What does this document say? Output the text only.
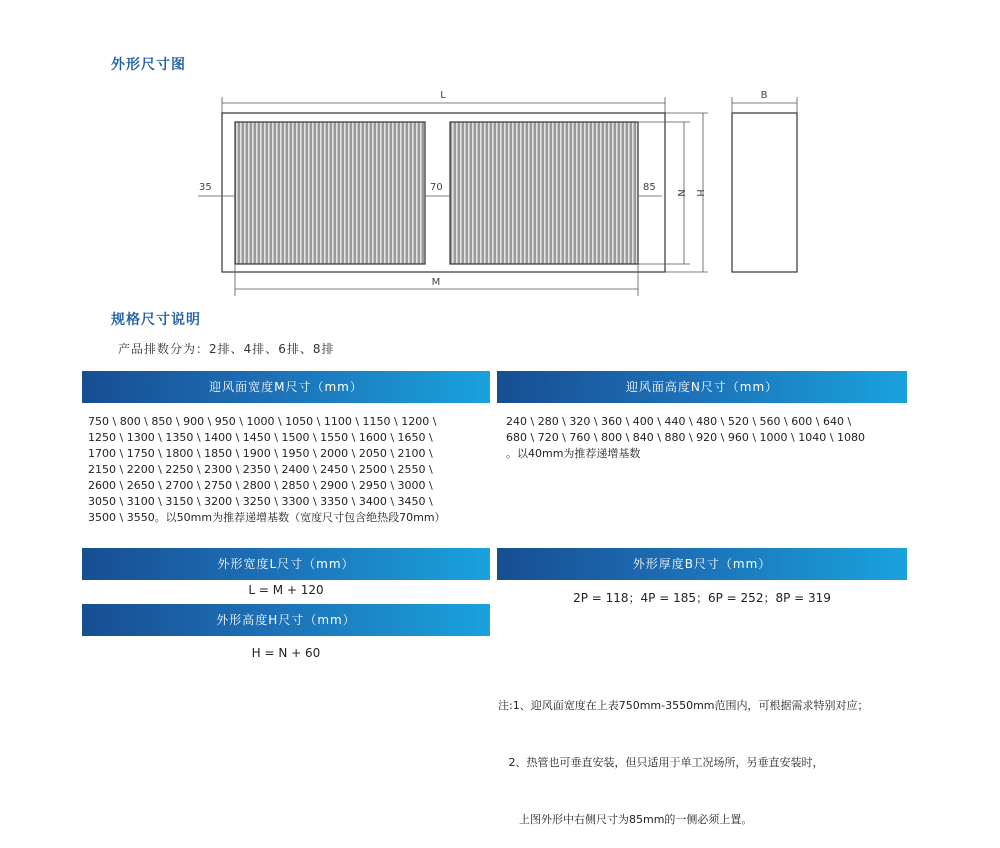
外形尺寸图
L
35	70	85 N H
M
B
规格尺寸说明
产品排数分为：2排、4排、6排、8排
迎风面宽度M尺寸（mm）
750 \ 800 \ 850 \ 900 \ 950 \ 1000 \ 1050 \ 1100 \ 1150 \ 1200 \
1250 \ 1300 \ 1350 \ 1400 \ 1450 \ 1500 \ 1550 \ 1600 \ 1650 \
1700 \ 1750 \ 1800 \ 1850 \ 1900 \ 1950 \ 2000 \ 2050 \ 2100 \
2150 \ 2200 \ 2250 \ 2300 \ 2350 \ 2400 \ 2450 \ 2500 \ 2550 \
2600 \ 2650 \ 2700 \ 2750 \ 2800 \ 2850 \ 2900 \ 2950 \ 3000 \
3050 \ 3100 \ 3150 \ 3200 \ 3250 \ 3300 \ 3350 \ 3400 \ 3450 \
3500 \ 3550。以50mm为推荐递增基数（宽度尺寸包含绝热段70mm）
迎风面高度N尺寸（mm）
240 \ 280 \ 320 \ 360 \ 400 \ 440 \ 480 \ 520 \ 560 \ 600 \ 640 \
680 \ 720 \ 760 \ 800 \ 840 \ 880 \ 920 \ 960 \ 1000 \ 1040 \ 1080
。以40mm为推荐递增基数
外形宽度L尺寸（mm）
L = M + 120
外形厚度B尺寸（mm）
2P = 118；4P = 185；6P = 252；8P = 319
外形高度H尺寸（mm）
H = N + 60

注:1、迎风面宽度在上表750mm-3550mm范围内，可根据需求特别对应；

2、热管也可垂直安装，但只适用于单工况场所，另垂直安装时，

上图外形中右侧尺寸为85mm的一侧必须上置。
